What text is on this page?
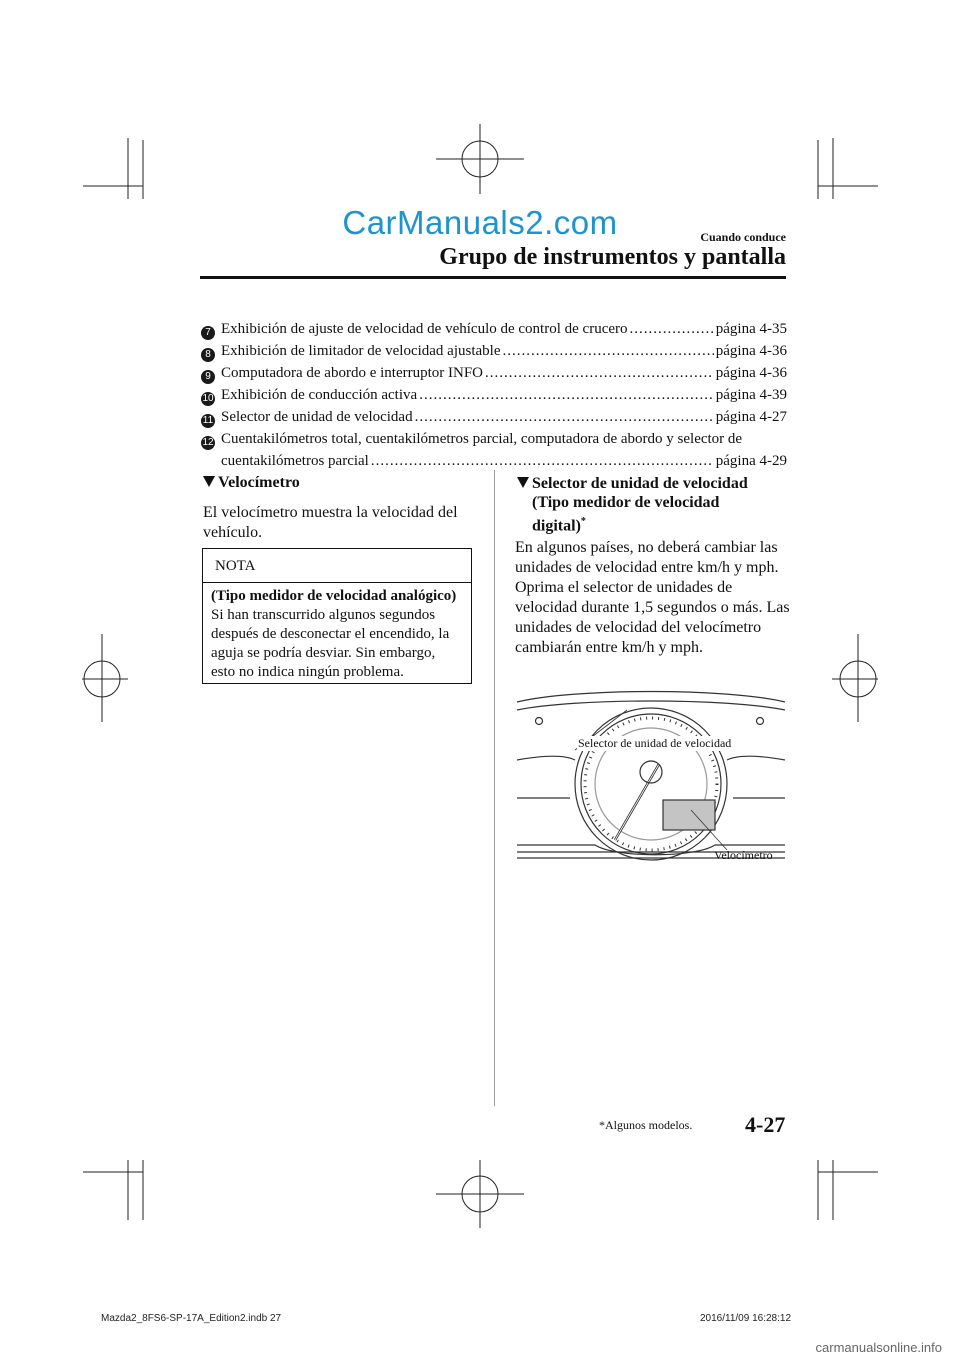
CarManuals2.com	Cuando conduce
Grupo de instrumentos y pantalla
7 Exhibición de ajuste de velocidad de vehículo de control de crucero .....	página 4-35
8 Exhibición de limitador de velocidad ajustable .....	página 4-36
9 Computadora de abordo e interruptor INFO .....	página 4-36
10 Exhibición de conducción activa .....	página 4-39
11 Selector de unidad de velocidad .....	página 4-27
12 Cuentakilómetros total, cuentakilómetros parcial, computadora de abordo y selector de
cuentakilómetros parcial .....	página 4-29
Velocímetro
El velocímetro muestra la velocidad del vehículo.
NOTA
(Tipo medidor de velocidad analógico)
Si han transcurrido algunos segundos después de desconectar el encendido, la aguja se podría desviar. Sin embargo, esto no indica ningún problema.
Selector de unidad de velocidad
(Tipo medidor de velocidad
digital)*
En algunos países, no deberá cambiar las unidades de velocidad entre km/h y mph. Oprima el selector de unidades de velocidad durante 1,5 segundos o más. Las unidades de velocidad del velocímetro cambiarán entre km/h y mph.
Selector de unidad de velocidad
Velocímetro
*Algunos modelos. 4-27
Mazda2_8FS6-SP-17A_Edition2.indb 27	2016/11/09 16:28:12
carmanualsonline.info
